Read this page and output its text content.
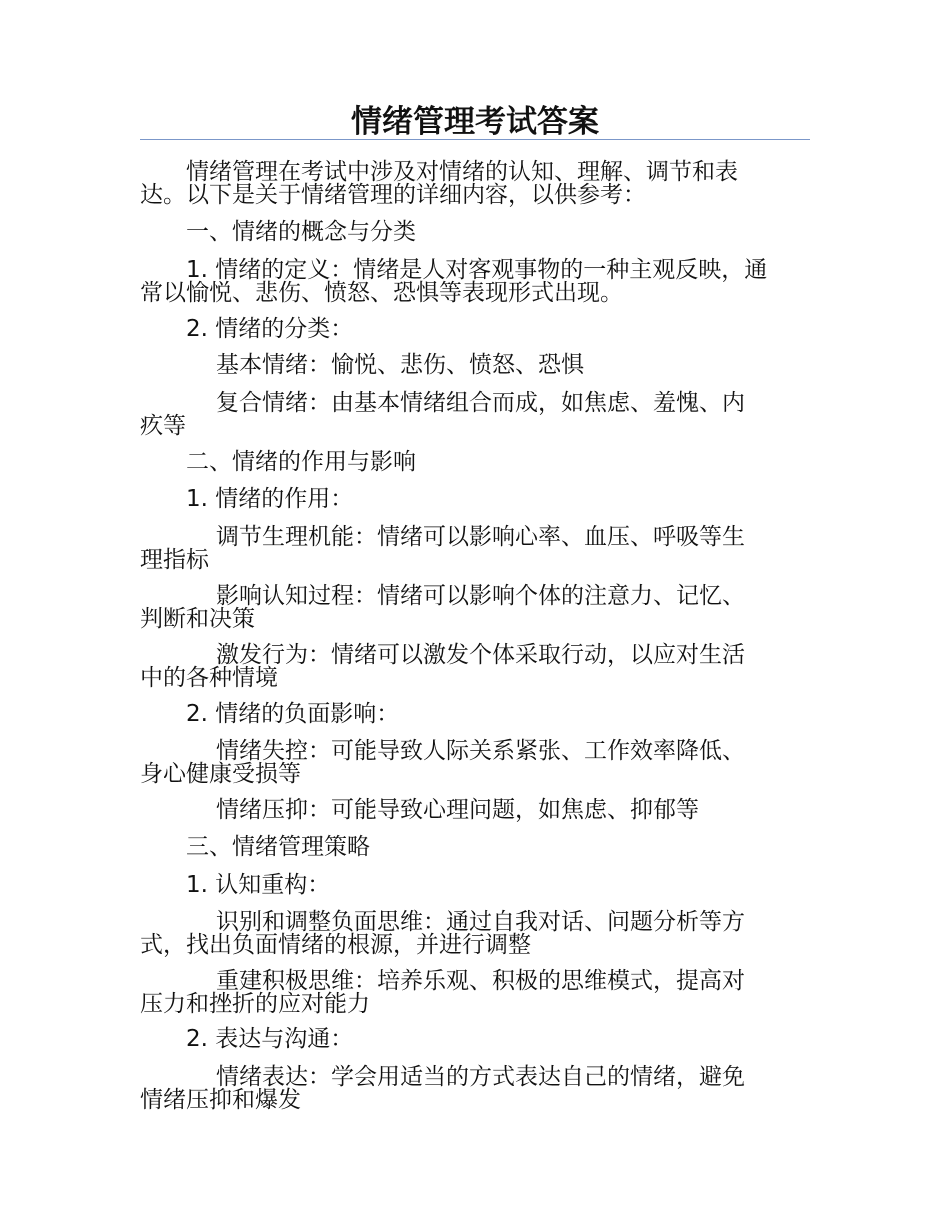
情绪管理考试答案
情绪管理在考试中涉及对情绪的认知、理解、调节和表
达。以下是关于情绪管理的详细内容，以供参考：
一、情绪的概念与分类
1. 情绪的定义：情绪是人对客观事物的一种主观反映，通
常以愉悦、悲伤、愤怒、恐惧等表现形式出现。
2. 情绪的分类：
基本情绪：愉悦、悲伤、愤怒、恐惧
复合情绪：由基本情绪组合而成，如焦虑、羞愧、内
疚等
二、情绪的作用与影响
1. 情绪的作用：
调节生理机能：情绪可以影响心率、血压、呼吸等生
理指标
影响认知过程：情绪可以影响个体的注意力、记忆、
判断和决策
激发行为：情绪可以激发个体采取行动，以应对生活
中的各种情境
2. 情绪的负面影响：
情绪失控：可能导致人际关系紧张、工作效率降低、
身心健康受损等
情绪压抑：可能导致心理问题，如焦虑、抑郁等
三、情绪管理策略
1. 认知重构：
识别和调整负面思维：通过自我对话、问题分析等方
式，找出负面情绪的根源，并进行调整
重建积极思维：培养乐观、积极的思维模式，提高对
压力和挫折的应对能力
2. 表达与沟通：
情绪表达：学会用适当的方式表达自己的情绪，避免
情绪压抑和爆发
